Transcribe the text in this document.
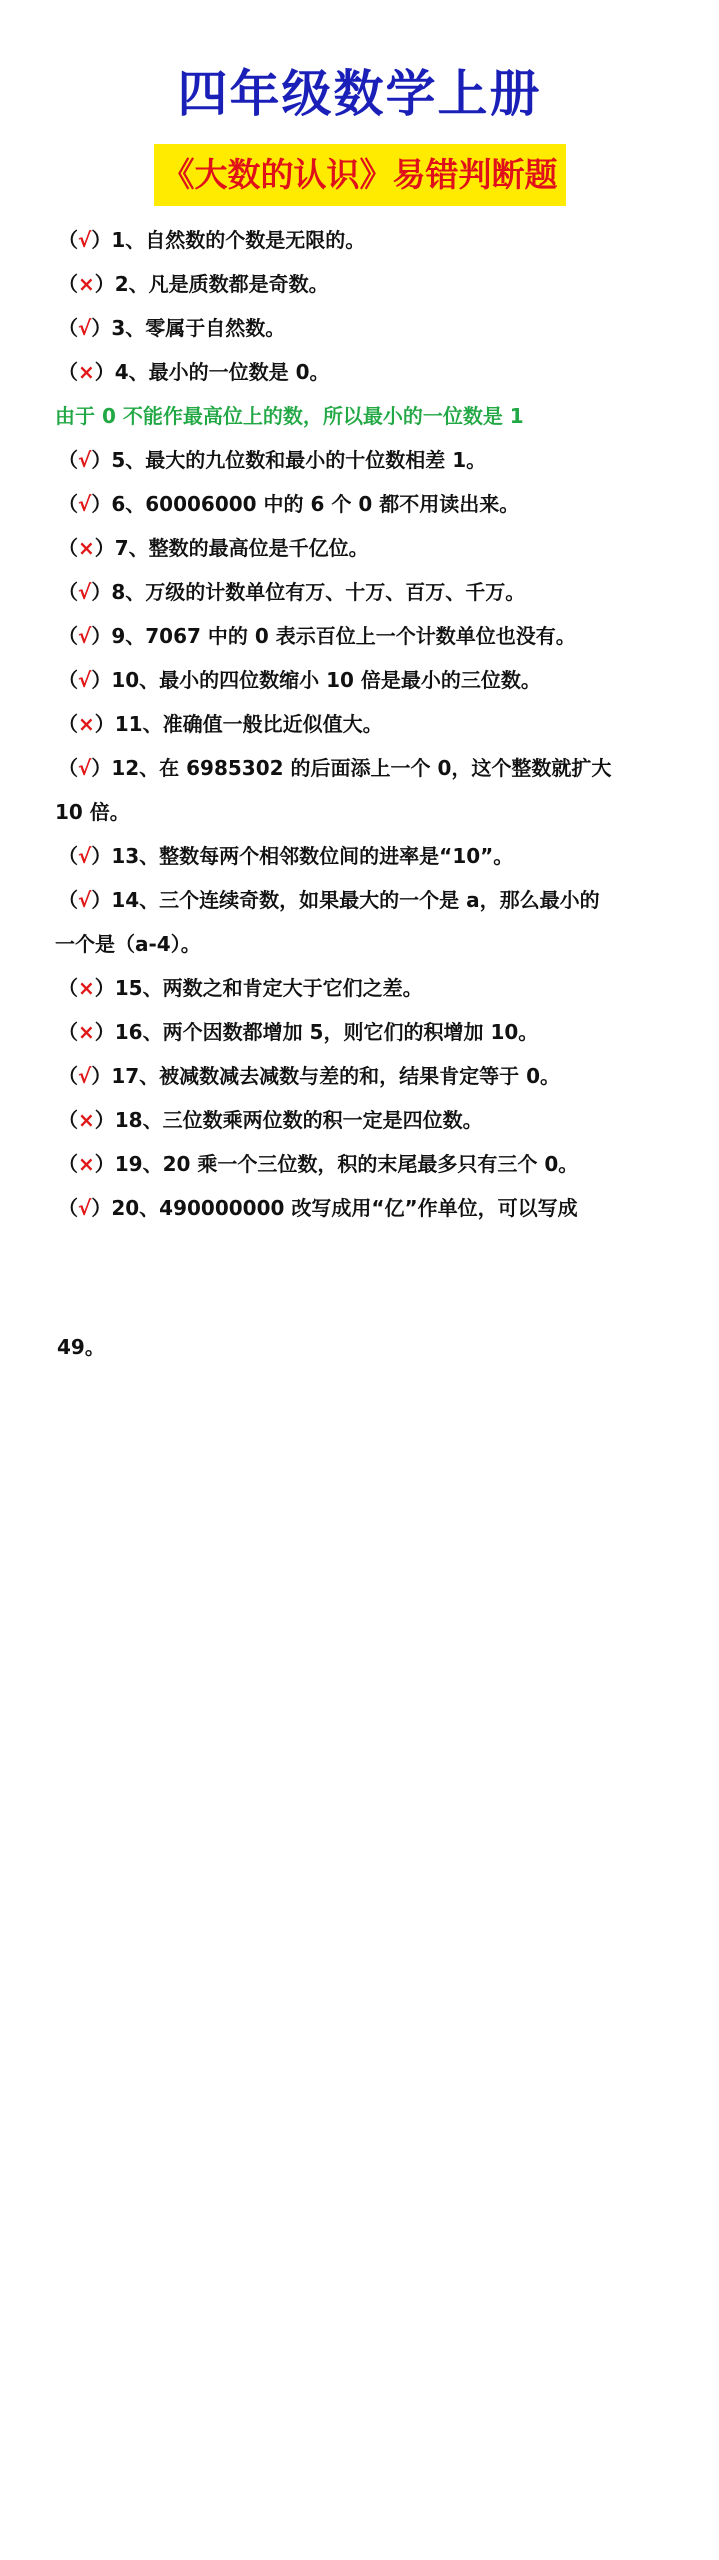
四年级数学上册
《大数的认识》易错判断题
（√）1、自然数的个数是无限的。
（×）2、凡是质数都是奇数。
（√）3、零属于自然数。
（×）4、最小的一位数是 0。
由于 0 不能作最高位上的数，所以最小的一位数是 1
（√）5、最大的九位数和最小的十位数相差 1。
（√）6、60006000 中的 6 个 0 都不用读出来。
（×）7、整数的最高位是千亿位。
（√）8、万级的计数单位有万、十万、百万、千万。
（√）9、7067 中的 0 表示百位上一个计数单位也没有。
（√）10、最小的四位数缩小 10 倍是最小的三位数。
（×）11、准确值一般比近似值大。
（√）12、在 6985302 的后面添上一个 0，这个整数就扩大
10 倍。
（√）13、整数每两个相邻数位间的进率是“10”。
（√）14、三个连续奇数，如果最大的一个是 a，那么最小的
一个是（a-4）。
（×）15、两数之和肯定大于它们之差。
（×）16、两个因数都增加 5，则它们的积增加 10。
（√）17、被减数减去减数与差的和，结果肯定等于 0。
（×）18、三位数乘两位数的积一定是四位数。
（×）19、20 乘一个三位数，积的末尾最多只有三个 0。
（√）20、490000000 改写成用“亿”作单位，可以写成
49。
